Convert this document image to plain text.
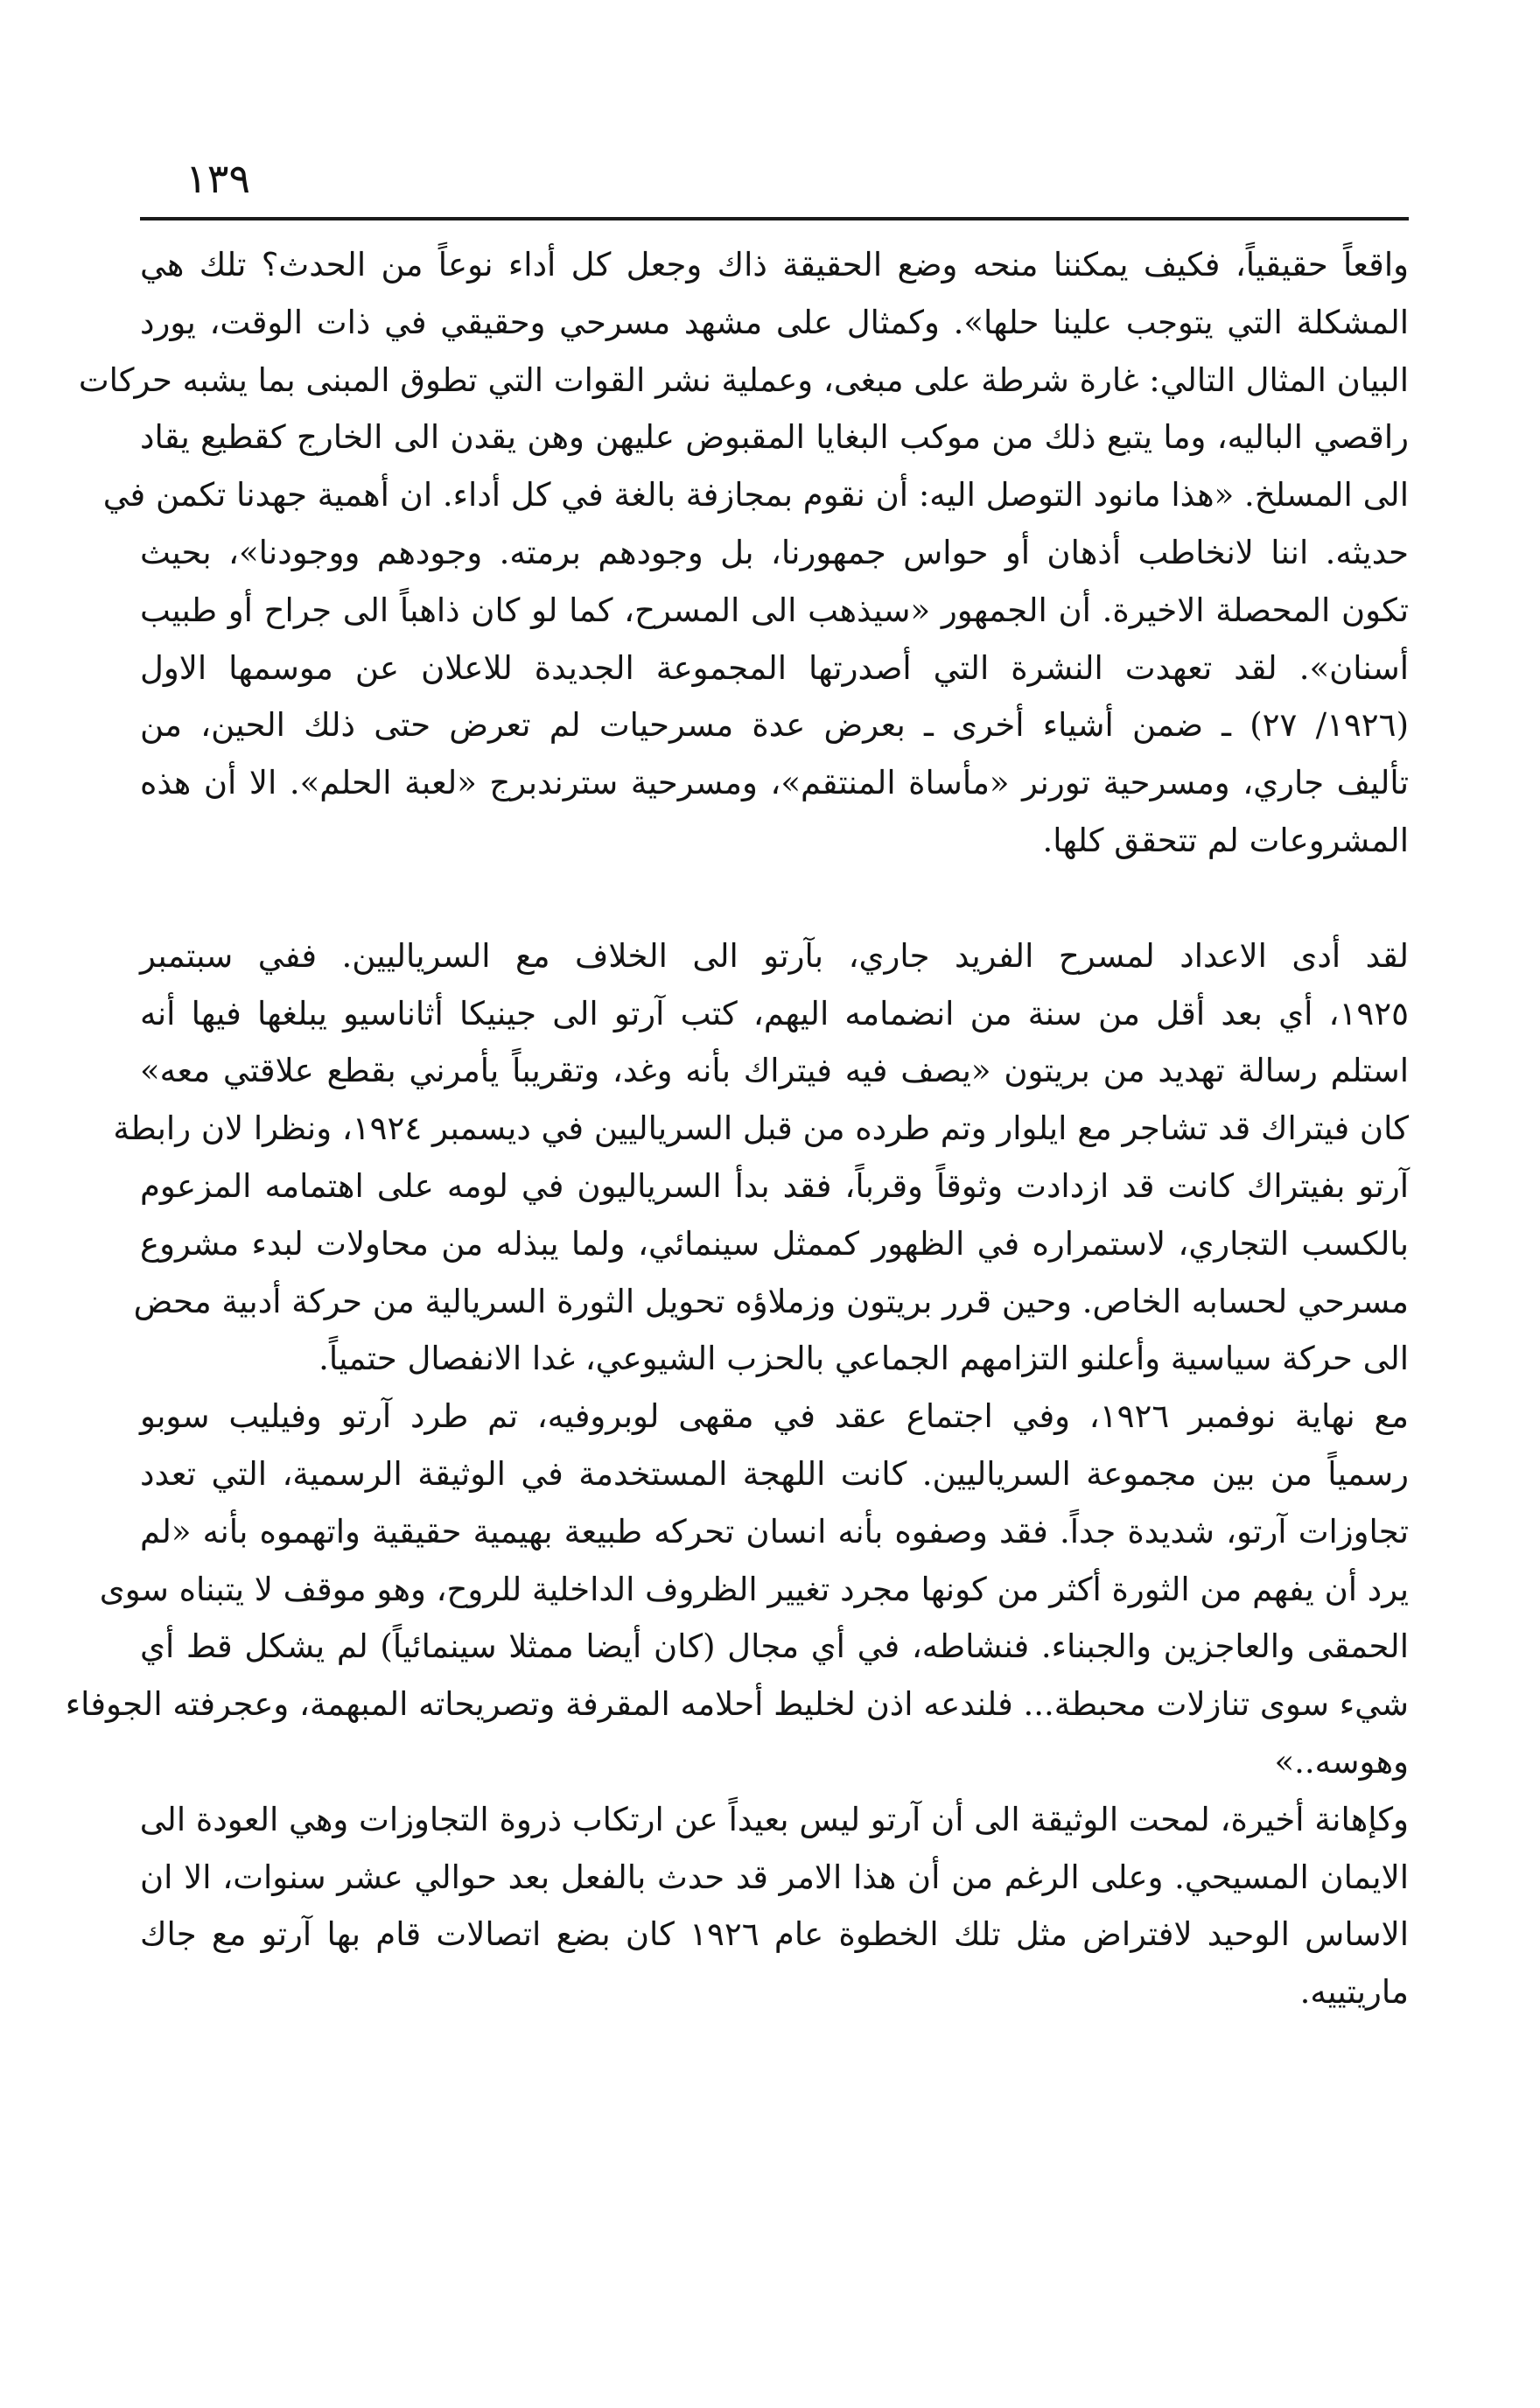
١٣٩
واقعاً حقيقياً، فكيف يمكننا منحه وضع الحقيقة ذاك وجعل كل أداء نوعاً من الحدث؟ تلك هي
المشكلة التي يتوجب علينا حلها». وكمثال على مشهد مسرحي وحقيقي في ذات الوقت، يورد
البيان المثال التالي: غارة شرطة على مبغى، وعملية نشر القوات التي تطوق المبنى بما يشبه حركات
راقصي الباليه، وما يتبع ذلك من موكب البغايا المقبوض عليهن وهن يقدن الى الخارج كقطيع يقاد
الى المسلخ. «هذا مانود التوصل اليه: أن نقوم بمجازفة بالغة في كل أداء. ان أهمية جهدنا تكمن في
حديثه. اننا لانخاطب أذهان أو حواس جمهورنا، بل وجودهم برمته. وجودهم ووجودنا»، بحيث
تكون المحصلة الاخيرة. أن الجمهور «سيذهب الى المسرح، كما لو كان ذاهباً الى جراح أو طبيب
أسنان». لقد تعهدت النشرة التي أصدرتها المجموعة الجديدة للاعلان عن موسمها الاول
(١٩٢٦/ ٢٧) ـ ضمن أشياء أخرى ـ بعرض عدة مسرحيات لم تعرض حتى ذلك الحين، من
تأليف جاري، ومسرحية تورنر «مأساة المنتقم»، ومسرحية سترندبرج «لعبة الحلم». الا أن هذه
المشروعات لم تتحقق كلها.
لقد أدى الاعداد لمسرح الفريد جاري، بآرتو الى الخلاف مع السرياليين. ففي سبتمبر
١٩٢٥، أي بعد أقل من سنة من انضمامه اليهم، كتب آرتو الى جينيكا أثاناسيو يبلغها فيها أنه
استلم رسالة تهديد من بريتون «يصف فيه فيتراك بأنه وغد، وتقريباً يأمرني بقطع علاقتي معه»
كان فيتراك قد تشاجر مع ايلوار وتم طرده من قبل السرياليين في ديسمبر ١٩٢٤، ونظرا لان رابطة
آرتو بفيتراك كانت قد ازدادت وثوقاً وقرباً، فقد بدأ السرياليون في لومه على اهتمامه المزعوم
بالكسب التجاري، لاستمراره في الظهور كممثل سينمائي، ولما يبذله من محاولات لبدء مشروع
مسرحي لحسابه الخاص. وحين قرر بريتون وزملاؤه تحويل الثورة السريالية من حركة أدبية محض
الى حركة سياسية وأعلنو التزامهم الجماعي بالحزب الشيوعي، غدا الانفصال حتمياً.
مع نهاية نوفمبر ١٩٢٦، وفي اجتماع عقد في مقهى لوبروفيه، تم طرد آرتو وفيليب سوبو
رسمياً من بين مجموعة السرياليين. كانت اللهجة المستخدمة في الوثيقة الرسمية، التي تعدد
تجاوزات آرتو، شديدة جداً. فقد وصفوه بأنه انسان تحركه طبيعة بهيمية حقيقية واتهموه بأنه «لم
يرد أن يفهم من الثورة أكثر من كونها مجرد تغيير الظروف الداخلية للروح، وهو موقف لا يتبناه سوى
الحمقى والعاجزين والجبناء. فنشاطه، في أي مجال (كان أيضا ممثلا سينمائياً) لم يشكل قط أي
شيء سوى تنازلات محبطة... فلندعه اذن لخليط أحلامه المقرفة وتصريحاته المبهمة، وعجرفته الجوفاء
وهوسه..»
وكإهانة أخيرة، لمحت الوثيقة الى أن آرتو ليس بعيداً عن ارتكاب ذروة التجاوزات وهي العودة الى
الايمان المسيحي. وعلى الرغم من أن هذا الامر قد حدث بالفعل بعد حوالي عشر سنوات، الا ان
الاساس الوحيد لافتراض مثل تلك الخطوة عام ١٩٢٦ كان بضع اتصالات قام بها آرتو مع جاك
ماريتييه.
